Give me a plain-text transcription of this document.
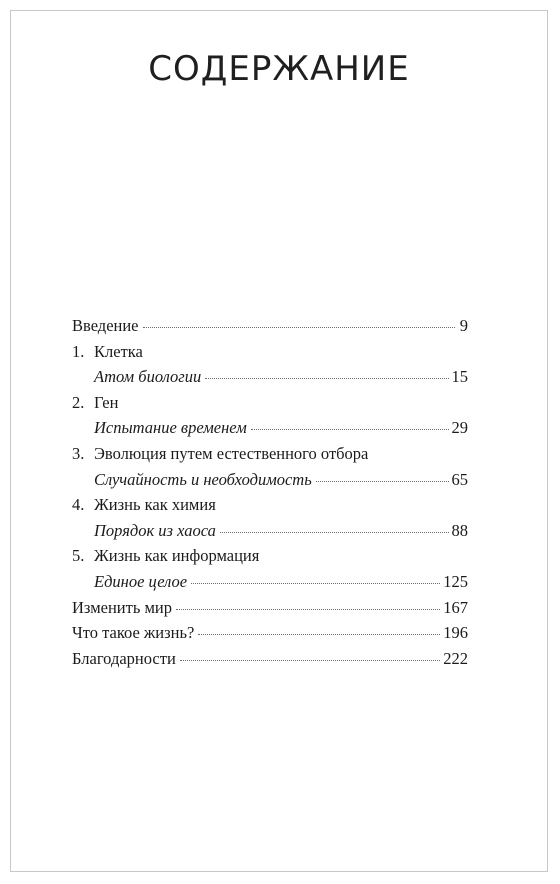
СОДЕРЖАНИЕ
Введение	9
1. Клетка
Атом биологии	15
2. Ген
Испытание временем	29
3. Эволюция путем естественного отбора
Случайность и необходимость	65
4. Жизнь как химия
Порядок из хаоса	88
5. Жизнь как информация
Единое целое	125
Изменить мир	167
Что такое жизнь?	196
Благодарности	222
